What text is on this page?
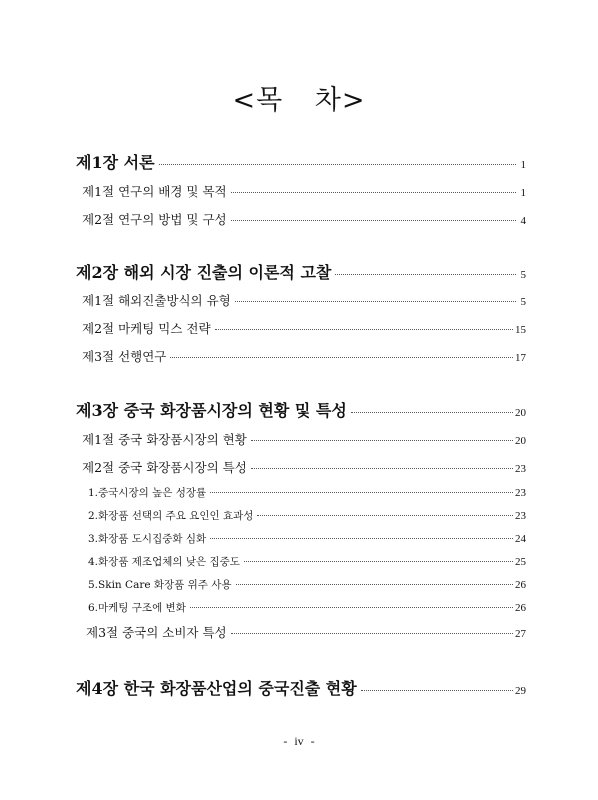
<목 차>
제1장 서론	1
제1절 연구의 배경 및 목적	1
제2절 연구의 방법 및 구성	4
제2장 해외 시장 진출의 이론적 고찰	5
제1절 해외진출방식의 유형	5
제2절 마케팅 믹스 전략	15
제3절 선행연구	17
제3장 중국 화장품시장의 현황 및 특성	20
제1절 중국 화장품시장의 현황	20
제2절 중국 화장품시장의 특성	23
1.중국시장의 높은 성장률	23
2.화장품 선택의 주요 요인인 효과성	23
3.화장품 도시집중화 심화	24
4.화장품 제조업체의 낮은 집중도	25
5.Skin Care 화장품 위주 사용	26
6.마케팅 구조에 변화	26
제3절 중국의 소비자 특성	27
제4장 한국 화장품산업의 중국진출 현황	29
- iv -
